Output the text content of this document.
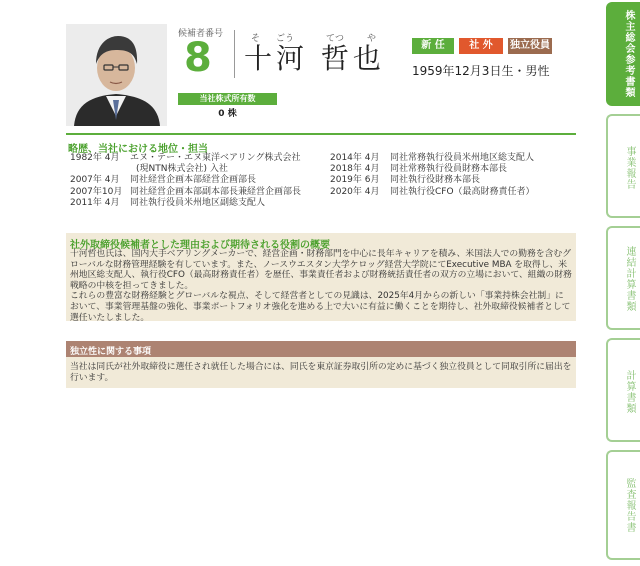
候補者番号
8	そ ごう	てつ	や
十河 哲也	新 任	社 外	独立役員
1959年12月3日生・男性
当社株式所有数
0 株
略歴、当社における地位・担当
1982年 4月 エヌ・テー・エヌ東洋ベアリング株式会社
(現NTN株式会社) 入社
2007年 4月 同社経営企画本部経営企画部長
2007年10月 同社経営企画本部副本部長兼経営企画部長
2011年 4月 同社執行役員米州地区副総支配人
2014年 4月 同社常務執行役員米州地区総支配人
2018年 4月 同社常務執行役員財務本部長
2019年 6月 同社執行役財務本部長
2020年 4月 同社執行役CFO（最高財務責任者）
社外取締役候補者とした理由および期待される役割の概要
十河哲也氏は、国内大手ベアリングメーカーで、経営企画・財務部門を中心に長年キャリアを積み、米国法人での勤務を含むグローバルな財務管理経験を有しています。また、ノースウエスタン大学ケロッグ経営大学院にてExecutive MBA を取得し、米州地区総支配人、執行役CFO（最高財務責任者）を歴任、事業責任者および財務統括責任者の双方の立場において、組織の財務戦略の中核を担ってきました。
これらの豊富な財務経験とグローバルな視点、そして経営者としての見識は、2025年4月からの新しい「事業持株会社制」において、事業管理基盤の強化、事業ポートフォリオ強化を進める上で大いに有益に働くことを期待し、社外取締役候補者として選任いたしました。
独立性に関する事項
当社は同氏が社外取締役に選任され就任した場合には、同氏を東京証券取引所の定めに基づく独立役員として同取引所に届出を行います。
株主総会参考書類
事業報告
連結計算書類
計算書類
監査報告書
